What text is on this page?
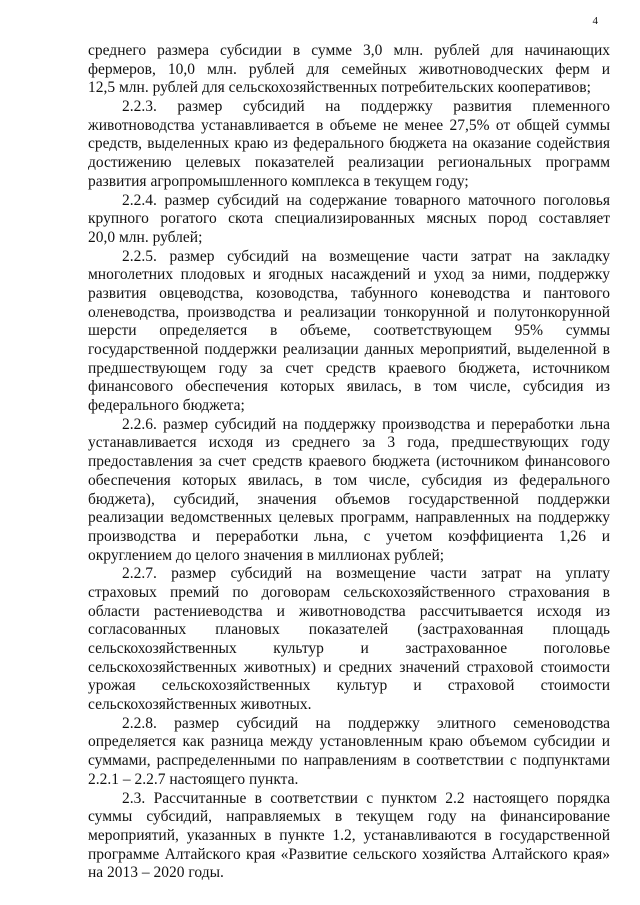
4
среднего размера субсидии в сумме 3,0 млн. рублей для начинающих
фермеров, 10,0 млн. рублей для семейных животноводческих ферм и
12,5 млн. рублей для сельскохозяйственных потребительских кооперативов;
2.2.3. размер субсидий на поддержку развития племенного
животноводства устанавливается в объеме не менее 27,5% от общей суммы
средств, выделенных краю из федерального бюджета на оказание содействия
достижению целевых показателей реализации региональных программ
развития агропромышленного комплекса в текущем году;
2.2.4. размер субсидий на содержание товарного маточного поголовья
крупного рогатого скота специализированных мясных пород составляет
20,0 млн. рублей;
2.2.5. размер субсидий на возмещение части затрат на закладку
многолетних плодовых и ягодных насаждений и уход за ними, поддержку
развития овцеводства, козоводства, табунного коневодства и пантового
оленеводства, производства и реализации тонкорунной и полутонкорунной
шерсти определяется в объеме, соответствующем 95% суммы
государственной поддержки реализации данных мероприятий, выделенной в
предшествующем году за счет средств краевого бюджета, источником
финансового обеспечения которых явилась, в том числе, субсидия из
федерального бюджета;
2.2.6. размер субсидий на поддержку производства и переработки льна
устанавливается исходя из среднего за 3 года, предшествующих году
предоставления за счет средств краевого бюджета (источником финансового
обеспечения которых явилась, в том числе, субсидия из федерального
бюджета), субсидий, значения объемов государственной поддержки
реализации ведомственных целевых программ, направленных на поддержку
производства и переработки льна, с учетом коэффициента 1,26 и
округлением до целого значения в миллионах рублей;
2.2.7. размер субсидий на возмещение части затрат на уплату
страховых премий по договорам сельскохозяйственного страхования в
области растениеводства и животноводства рассчитывается исходя из
согласованных плановых показателей (застрахованная площадь
сельскохозяйственных культур и застрахованное поголовье
сельскохозяйственных животных) и средних значений страховой стоимости
урожая сельскохозяйственных культур и страховой стоимости
сельскохозяйственных животных.
2.2.8. размер субсидий на поддержку элитного семеноводства
определяется как разница между установленным краю объемом субсидии и
суммами, распределенными по направлениям в соответствии с подпунктами
2.2.1 – 2.2.7 настоящего пункта.
2.3. Рассчитанные в соответствии с пунктом 2.2 настоящего порядка
суммы субсидий, направляемых в текущем году на финансирование
мероприятий, указанных в пункте 1.2, устанавливаются в государственной
программе Алтайского края «Развитие сельского хозяйства Алтайского края»
на 2013 – 2020 годы.
